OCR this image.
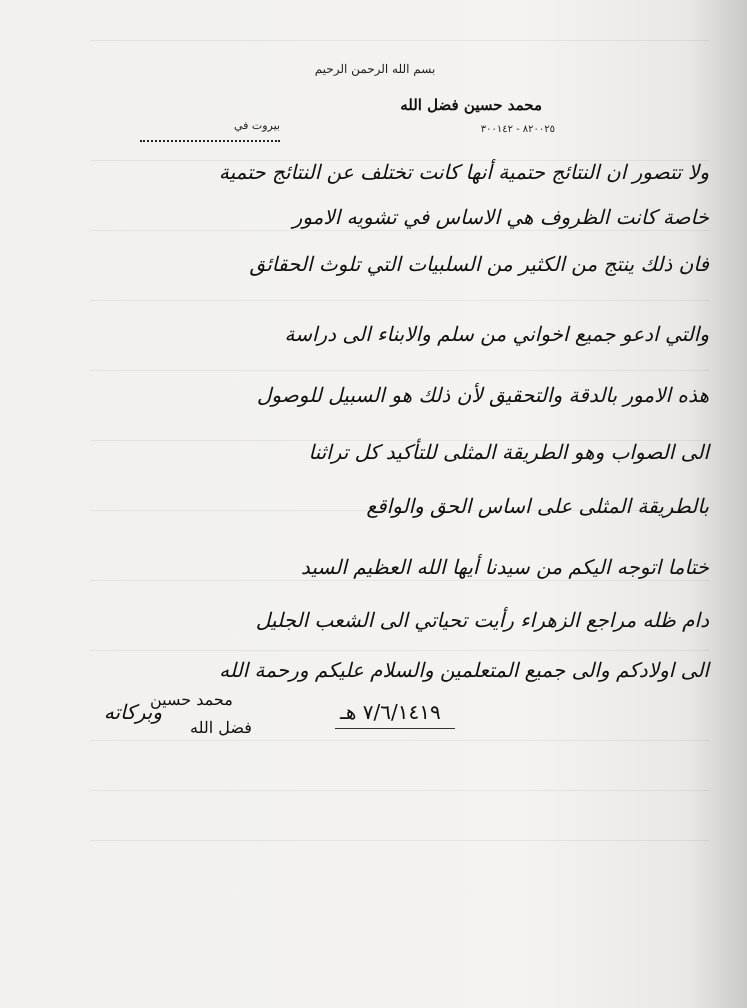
بسم الله الرحمن الرحيم
محمد حسين فضل الله
بيروت في	٨٢٠٠٢٥ - ٣٠٠١٤٢
ولا تتصور ان النتائج حتمية أنها كانت تختلف عن النتائج حتمية
خاصة كانت الظروف هي الاساس في تشويه الامور
فان ذلك ينتج من الكثير من السلبيات التي تلوث الحقائق
والتي ادعو جميع اخواني من سلم والابناء الى دراسة
هذه الامور بالدقة والتحقيق لأن ذلك هو السبيل للوصول
الى الصواب وهو الطريقة المثلى للتأكيد كل تراثنا
بالطريقة المثلى على اساس الحق والواقع
ختاما اتوجه اليكم من سيدنا أيها الله العظيم السيد
دام ظله مراجع الزهراء رأيت تحياتي الى الشعب الجليل
الى اولادكم والى جميع المتعلمين والسلام عليكم ورحمة الله
وبركاته	٧/٦/١٤١٩ هـ
محمد حسين
فضل الله
